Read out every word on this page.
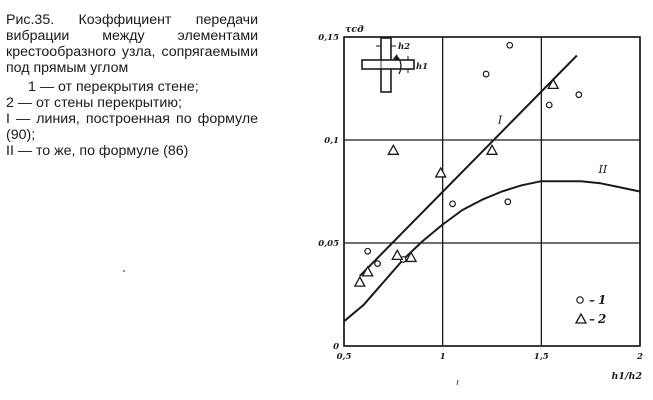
Рис.35. Коэффициент передачи вибрации между элементами крестообразного узла, сопрягаемыми под прямым углом

1 — от перекрытия стене;

2 — от стены перекрытию;

I — линия, построенная по формуле (90);

II — то же, по формуле (86)

I
II
0,5	1	1,5	2
0
0,05
0,1
0,15
h1/h2
τcд
h2
h1
– 1
– 2
